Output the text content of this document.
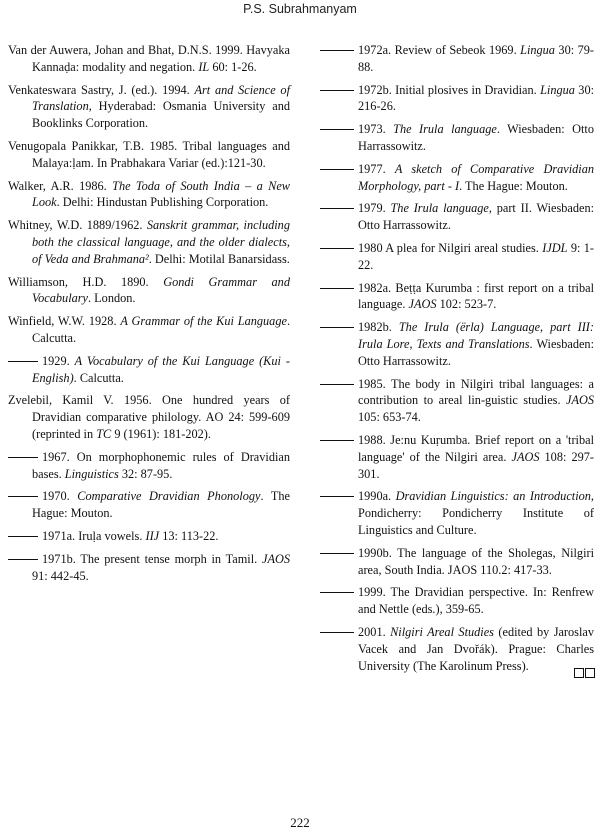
P.S. Subrahmanyam

Van der Auwera, Johan and Bhat, D.N.S. 1999. Havyaka Kannaḍa: modality and negation. IL 60: 1-26.

Venkateswara Sastry, J. (ed.). 1994. Art and Science of Translation, Hyderabad: Osmania University and Booklinks Corporation.

Venugopala Panikkar, T.B. 1985. Tribal languages and Malaya:ḷam. In Prabhakara Variar (ed.):121-30.

Walker, A.R. 1986. The Toda of South India – a New Look. Delhi: Hindustan Publishing Corporation.

Whitney, W.D. 1889/1962. Sanskrit grammar, including both the classical language, and the older dialects, of Veda and Brahmana². Delhi: Motilal Banarsidass.

Williamson, H.D. 1890. Gondi Grammar and Vocabulary. London.

Winfield, W.W. 1928. A Grammar of the Kui Language. Calcutta.

1929. A Vocabulary of the Kui Language (Kui - English). Calcutta.

Zvelebil, Kamil V. 1956. One hundred years of Dravidian comparative philology. AO 24: 599-609 (reprinted in TC 9 (1961): 181-202).

1967. On morphophonemic rules of Dravidian bases. Linguistics 32: 87-95.

1970. Comparative Dravidian Phonology. The Hague: Mouton.

1971a. Iruḷa vowels. IIJ 13: 113-22.

1971b. The present tense morph in Tamil. JAOS 91: 442-45.

1972a. Review of Sebeok 1969. Lingua 30: 79-88.

1972b. Initial plosives in Dravidian. Lingua 30: 216-26.

1973. The Irula language. Wiesbaden: Otto Harrassowitz.

1977. A sketch of Comparative Dravidian Morphology, part - I. The Hague: Mouton.

1979. The Irula language, part II. Wiesbaden: Otto Harrassowitz.

1980 A plea for Nilgiri areal studies. IJDL 9: 1-22.

1982a. Beṭṭa Kurumba : first report on a tribal language. JAOS 102: 523-7.

1982b. The Irula (ërla) Language, part III: Irula Lore, Texts and Translations. Wiesbaden: Otto Harrassowitz.

1985. The body in Nilgiri tribal languages: a contribution to areal lin-guistic studies. JAOS 105: 653-74.

1988. Je:nu Kuṛumba. Brief report on a 'tribal language' of the Nilgiri area. JAOS 108: 297-301.

1990a. Dravidian Linguistics: an Introduction, Pondicherry: Pondicherry Institute of Linguistics and Culture.

1990b. The language of the Sholegas, Nilgiri area, South India. JAOS 110.2: 417-33.

1999. The Dravidian perspective. In: Renfrew and Nettle (eds.), 359-65.

2001. Nilgiri Areal Studies (edited by Jaroslav Vacek and Jan Dvořák). Prague: Charles University (The Karolinum Press).

222
